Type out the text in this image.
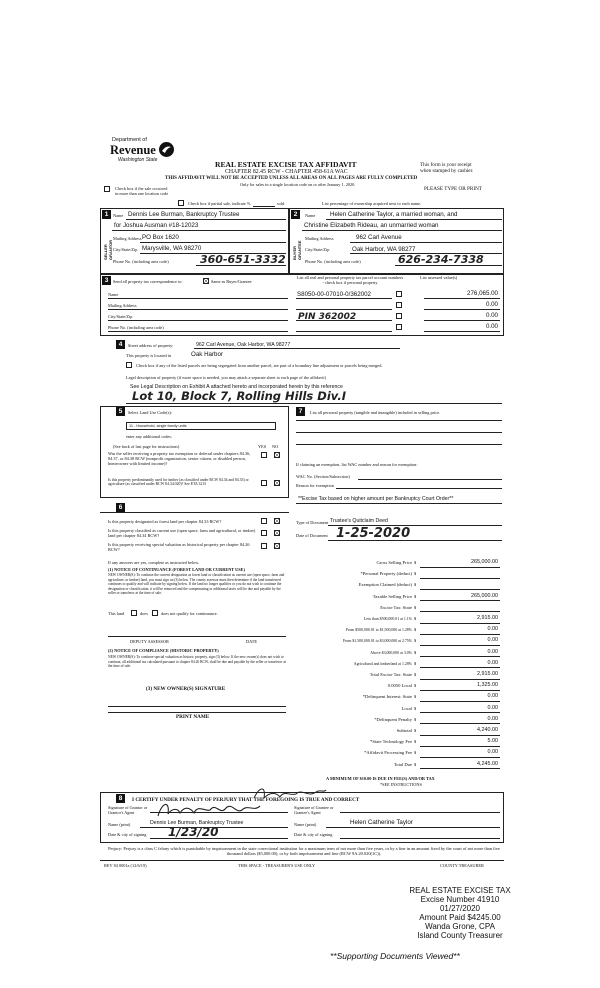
Department of
Revenue
Washington State	REAL ESTATE EXCISE TAX AFFIDAVIT
CHAPTER 82.45 RCW - CHAPTER 458-61A WAC
THIS AFFIDAVIT WILL NOT BE ACCEPTED UNLESS ALL AREAS ON ALL PAGES ARE FULLY COMPLETED
Only for sales in a single location code on or after January 1, 2020.
This form is your receipt
when stamped by cashier.
PLEASE TYPE OR PRINT
Check box if the sale occurred
in more than one location code
Check box if partial sale, indicate %	sold.	List percentage of ownership acquired next to each name.
1	2
SELLER GRANTOR	BUYER GRANTEE
Name Dennis Lee Burman, Bankruptcy Trustee
for Joshua Ausman #18-12023
Mailing Address PO Box 1620
City/State/Zip Marysville, WA 98270
Phone No. (including area code)	360-651-3332
Name Helen Catherine Taylor, a married woman, and
Christine Elizabeth Rideau, an unmarried woman
Mailing Address	962 Carl Avenue
City/State/Zip	Oak Harbor, WA 98277
Phone No. (including area code)	626-234-7338
3	Send all property tax correspondence to:	Same as Buyer/Grantee
Name
Mailing Address
City/State/Zip
Phone No. (including area code)
List all real and personal property tax parcel account numbers - check box if personal property
List assessed value(s)
S8050-00-07010-0/362002	276,065.00
PIN 362002
0.00
0.00
0.00
4	Street address of property:	962 Carl Avenue, Oak Harbor, WA 98277
This property is located in	Oak Harbor
Check box if any of the listed parcels are being segregated from another parcel, are part of a boundary line adjustment or parcels being merged.
Legal description of property (if more space is needed, you may attach a separate sheet to each page of the affidavit)
See Legal Description on Exhibit A attached hereto and incorporated herein by this reference
Lot 10, Block 7, Rolling Hills Div.I
5	Select Land Use Code(s):
11 - Household, single family units
enter any additional codes:
(See back of last page for instructions)	YES NO
Was the seller receiving a property tax exemption or deferral under chapters 84.36, 84.37, or 84.38 RCW (nonprofit organization, senior citizen, or disabled person, homeowner with limited income)?
Is this property predominantly used for timber (as classified under RCW 84.34 and 84.33) or agriculture (as classified under RCW 84.34.020)? See ETA 3215
7	List all personal property (tangible and intangible) included in selling price.
If claiming an exemption, list WAC number and reason for exemption:
WAC No. (Section/Subsection)
Reason for exemption
**Excise Tax based on higher amount per Bankruptcy Court Order**
6
Is this property designated as forest land per chapter 84.33 RCW?
Is this property classified as current use (open space, farm and agricultural, or timber) land per chapter 84.34 RCW?
Is this property receiving special valuation as historical property per chapter 84.26 RCW?
If any answers are yes, complete as instructed below.
(1) NOTICE OF CONTINUANCE (FOREST LAND OR CURRENT USE)
NEW OWNER(S): To continue the current designation as forest land or classification as current use (open space, farm and agriculture, or timber) land, you must sign on (3) below. The county assessor must then determine if the land transferred continues to qualify and will indicate by signing below. If the land no longer qualifies or you do not wish to continue the designation or classification, it will be removed and the compensating or additional taxes will be due and payable by the seller or transferor at the time of sale.
This land	does	does not qualify for continuance.
DEPUTY ASSESSOR	DATE
(2) NOTICE OF COMPLIANCE (HISTORIC PROPERTY)
NEW OWNER(S): To continue special valuation as historic property, sign (3) below. If the new owner(s) does not wish to continue, all additional tax calculated pursuant to chapter 84.26 RCW, shall be due and payable by the seller or transferor at the time of sale.
(3) NEW OWNER(S) SIGNATURE
PRINT NAME
Type of Document Trustee's Quitclaim Deed
Date of Document 1-25-2020
Gross Selling Price $	265,000.00
*Personal Property (deduct) $
Exemption Claimed (deduct) $
Taxable Selling Price $	265,000.00
Excise Tax: State $
Less than $500,000.01 at 1.1% $	2,915.00
From $500,000.01 to $1,500,000 at 1.28% $	0.00
From $1,500,000.01 to $3,000,000 at 2.75% $	0.00
Above $3,000,000 at 3.0% $	0.00
Agricultural and timberland at 1.28% $	0.00
Total Excise Tax: State $	2,915.00
0.0050 Local $	1,325.00
*Delinquent Interest: State $	0.00
Local $	0.00
*Delinquent Penalty $	0.00
Subtotal $	4,240.00
*State Technology Fee $	5.00
*Affidavit Processing Fee $	0.00
Total Due $	4,245.00
A MINIMUM OF $10.00 IS DUE IN FEE(S) AND/OR TAX
*SEE INSTRUCTIONS
8	I CERTIFY UNDER PENALTY OF PERJURY THAT THE FOREGOING IS TRUE AND CORRECT
Signature of Grantor or Grantor's Agent
Signature of Grantee or Grantee's Agent
Name (print)	Dennis Lee Burman, Bankruptcy Trustee	Name (print)	Helen Catherine Taylor
Date & city of signing 1/23/20	Date & city of signing
Perjury: Perjury is a class C felony which is punishable by imprisonment in the state correctional institution for a maximum term of not more than five years, or by a fine in an amount fixed by the court of not more than five thousand dollars ($5,000.00), or by both imprisonment and fine (RCW 9A.20.020(1C)).
REV 84 0001a (12/6/19)	THIS SPACE - TREASURER'S USE ONLY	COUNTY TREASURER
REAL ESTATE EXCISE TAX
Excise Number 41910
01/27/2020
Amount Paid $4245.00
Wanda Grone, CPA
Island County Treasurer
**Supporting Documents Viewed**
